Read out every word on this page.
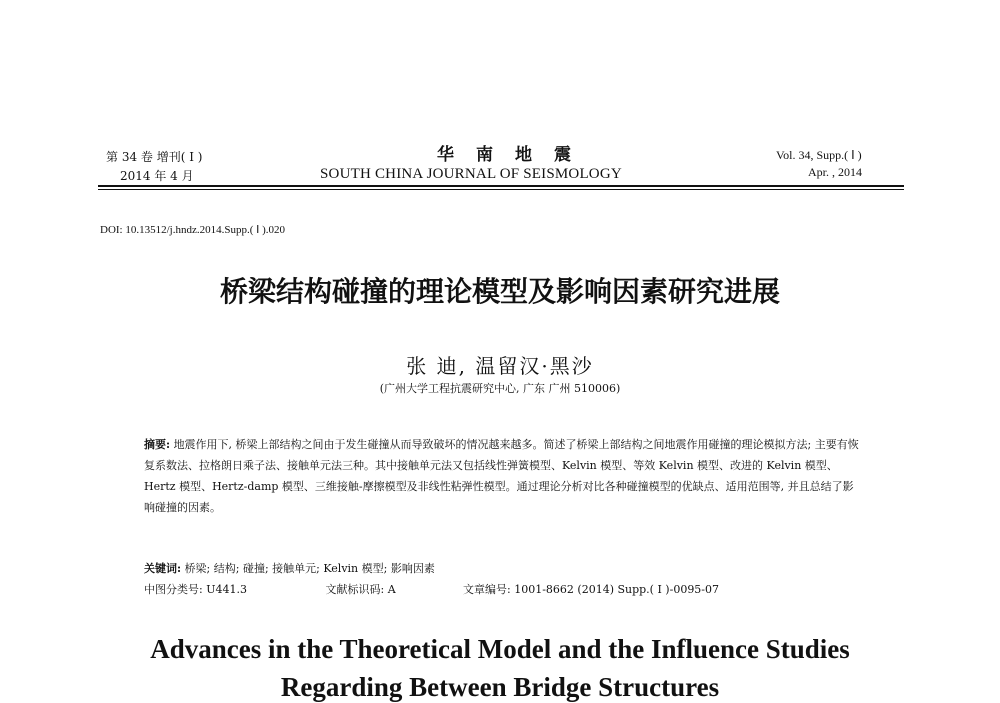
第 34 卷 增刊( Ⅰ )
2014 年 4 月
华南地震
SOUTH CHINA JOURNAL OF SEISMOLOGY
Vol. 34, Supp.( Ⅰ )
Apr. , 2014
DOI: 10.13512/j.hndz.2014.Supp.( Ⅰ ).020
桥梁结构碰撞的理论模型及影响因素研究进展
张 迪, 温留汉·黑沙
(广州大学工程抗震研究中心, 广东 广州 510006)
摘要: 地震作用下, 桥梁上部结构之间由于发生碰撞从而导致破坏的情况越来越多。简述了桥梁上部结构之间地震作用碰撞的理论模拟方法; 主要有恢复系数法、拉格朗日乘子法、接触单元法三种。其中接触单元法又包括线性弹簧模型、Kelvin 模型、等效 Kelvin 模型、改进的 Kelvin 模型、Hertz 模型、Hertz-damp 模型、三维接触-摩擦模型及非线性粘弹性模型。通过理论分析对比各种碰撞模型的优缺点、适用范围等, 并且总结了影响碰撞的因素。
关键词: 桥梁; 结构; 碰撞; 接触单元; Kelvin 模型; 影响因素
中图分类号: U441.3	文献标识码: A	文章编号: 1001-8662 (2014) Supp.( Ⅰ )-0095-07
Advances in the Theoretical Model and the Influence Studies
Regarding Between Bridge Structures
